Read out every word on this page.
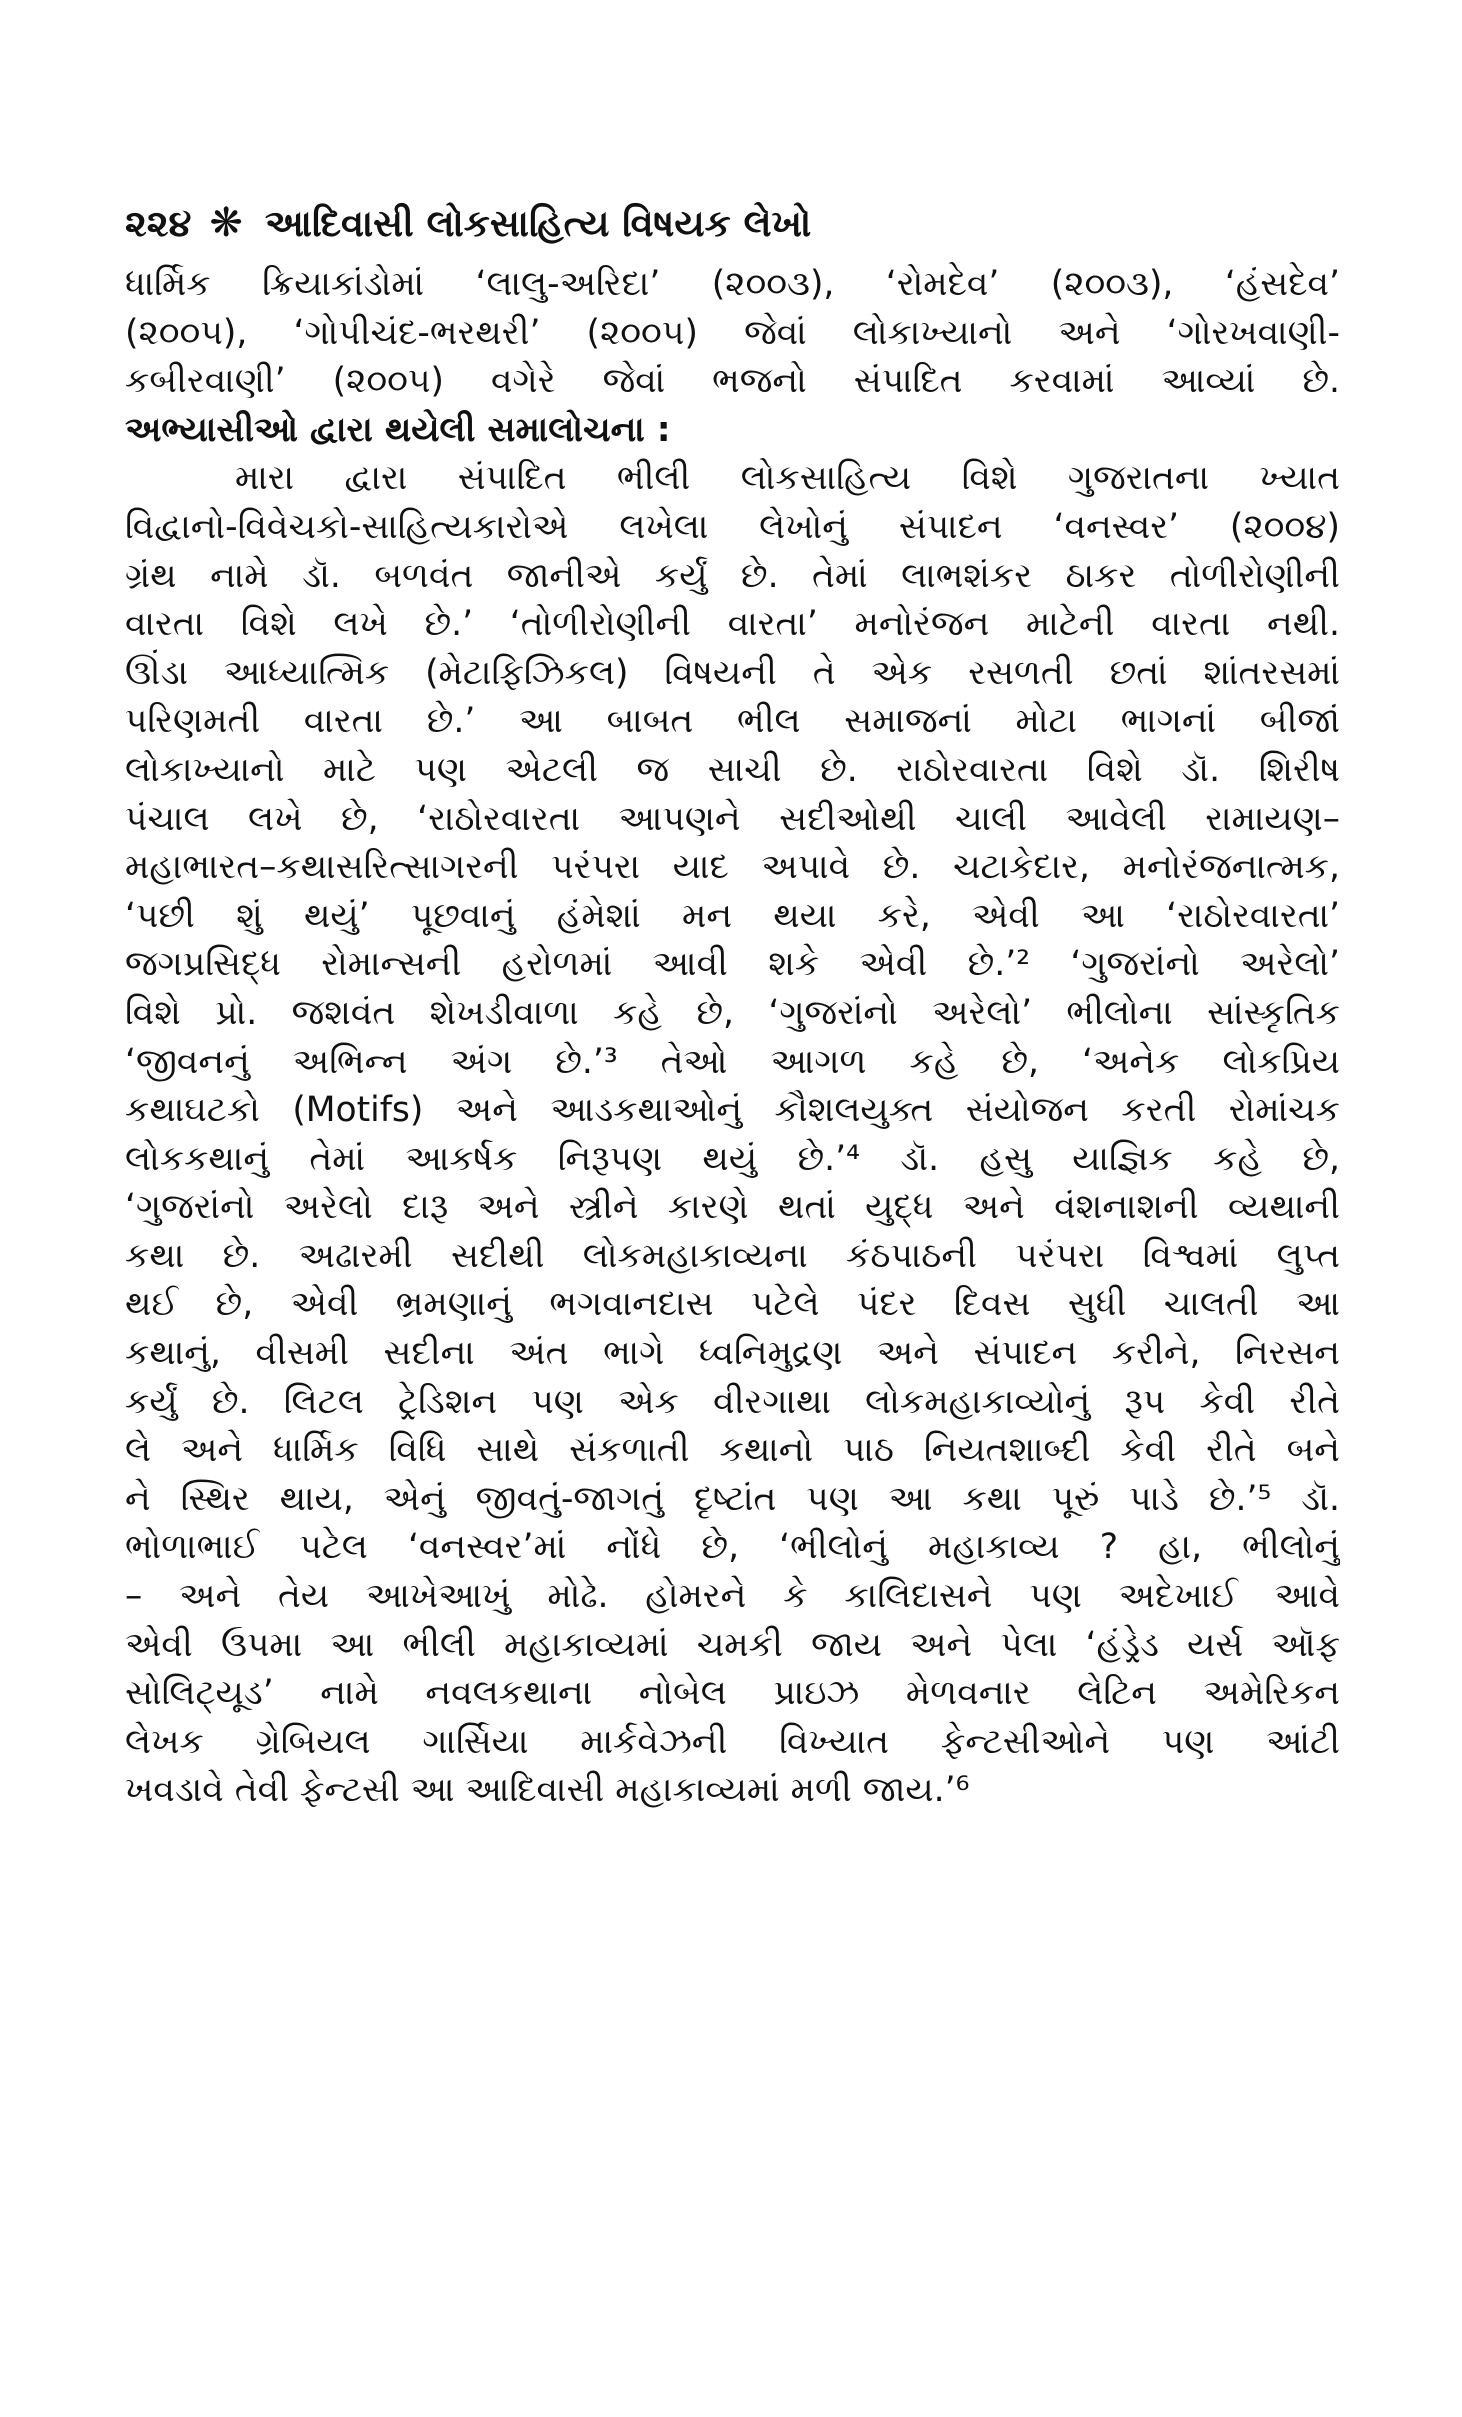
૨૨૪ ❋ આદિવાસી લોકસાહિત્ય વિષયક લેખો
ધાર્મિક ક્રિયાકાંડોમાં ‘લાલુ-અરિદા’ (૨૦૦૩), ‘રોમદેવ’ (૨૦૦૩), ‘હંસદેવ’
(૨૦૦૫), ‘ગોપીચંદ-ભરથરી’ (૨૦૦૫) જેવાં લોકાખ્યાનો અને ‘ગોરખવાણી-
કબીરવાણી’ (૨૦૦૫) વગેરે જેવાં ભજનો સંપાદિત કરવામાં આવ્યાં છે.
અભ્યાસીઓ દ્વારા થયેલી સમાલોચના :
મારા દ્વારા સંપાદિત ભીલી લોકસાહિત્ય વિશે ગુજરાતના ખ્યાત
વિદ્વાનો-વિવેચકો-સાહિત્યકારોએ લખેલા લેખોનું સંપાદન ‘વનસ્વર’ (૨૦૦૪)
ગ્રંથ નામે ડૉ. બળવંત જાનીએ કર્યું છે. તેમાં લાભશંકર ઠાકર તોળીરોણીની
વારતા વિશે લખે છે.’ ‘તોળીરોણીની વારતા’ મનોરંજન માટેની વારતા નથી.
ઊંડા આધ્યાત્મિક (મેટાફિઝિકલ) વિષયની તે એક રસળતી છતાં શાંતરસમાં
પરિણમતી વારતા છે.’ આ બાબત ભીલ સમાજનાં મોટા ભાગનાં બીજાં
લોકાખ્યાનો માટે પણ એટલી જ સાચી છે. રાઠોરવારતા વિશે ડૉ. શિરીષ
પંચાલ લખે છે, ‘રાઠોરવારતા આપણને સદીઓથી ચાલી આવેલી રામાયણ–
મહાભારત–કથાસરિત્સાગરની પરંપરા યાદ અપાવે છે. ચટાકેદાર, મનોરંજનાત્મક,
‘પછી શું થયું’ પૂછવાનું હંમેશાં મન થયા કરે, એવી આ ‘રાઠોરવારતા’
જગપ્રસિદ્ધ રોમાન્સની હરોળમાં આવી શકે એવી છે.’² ‘ગુજરાંનો અરેલો’
વિશે પ્રો. જશવંત શેખડીવાળા કહે છે, ‘ગુજરાંનો અરેલો’ ભીલોના સાંસ્કૃતિક
‘જીવનનું અભિન્ન અંગ છે.’³ તેઓ આગળ કહે છે, ‘અનેક લોકપ્રિય
કથાઘટકો (Motifs) અને આડકથાઓનું કૌશલયુક્ત સંયોજન કરતી રોમાંચક
લોકકથાનું તેમાં આકર્ષક નિરૂપણ થયું છે.’⁴ ડૉ. હસુ યાજ્ઞિક કહે છે,
‘ગુજરાંનો અરેલો દારૂ અને સ્ત્રીને કારણે થતાં યુદ્ધ અને વંશનાશની વ્યથાની
કથા છે. અઢારમી સદીથી લોકમહાકાવ્યના કંઠપાઠની પરંપરા વિશ્વમાં લુપ્ત
થઈ છે, એવી ભ્રમણાનું ભગવાનદાસ પટેલે પંદર દિવસ સુધી ચાલતી આ
કથાનું, વીસમી સદીના અંત ભાગે ધ્વનિમુદ્રણ અને સંપાદન કરીને, નિરસન
કર્યું છે. લિટલ ટ્રેડિશન પણ એક વીરગાથા લોકમહાકાવ્યોનું રૂપ કેવી રીતે
લે અને ધાર્મિક વિધિ સાથે સંકળાતી કથાનો પાઠ નિયતશાબ્દી કેવી રીતે બને
ને સ્થિર થાય, એનું જીવતું-જાગતું દૃષ્ટાંત પણ આ કથા પૂરું પાડે છે.’⁵ ડૉ.
ભોળાભાઈ પટેલ ‘વનસ્વર’માં નોંધે છે, ‘ભીલોનું મહાકાવ્ય ? હા, ભીલોનું
– અને તેય આખેઆખું મોઢે. હોમરને કે કાલિદાસને પણ અદેખાઈ આવે
એવી ઉપમા આ ભીલી મહાકાવ્યમાં ચમકી જાય અને પેલા ‘હંડ્રેડ યર્સ ઑફ
સોલિટ્યૂડ’ નામે નવલકથાના નોબેલ પ્રાઇઝ મેળવનાર લેટિન અમેરિકન
લેખક ગ્રેબિયલ ગાર્સિયા માર્કવેઝની વિખ્યાત ફેન્ટસીઓને પણ આંટી
ખવડાવે તેવી ફેન્ટસી આ આદિવાસી મહાકાવ્યમાં મળી જાય.’⁶
